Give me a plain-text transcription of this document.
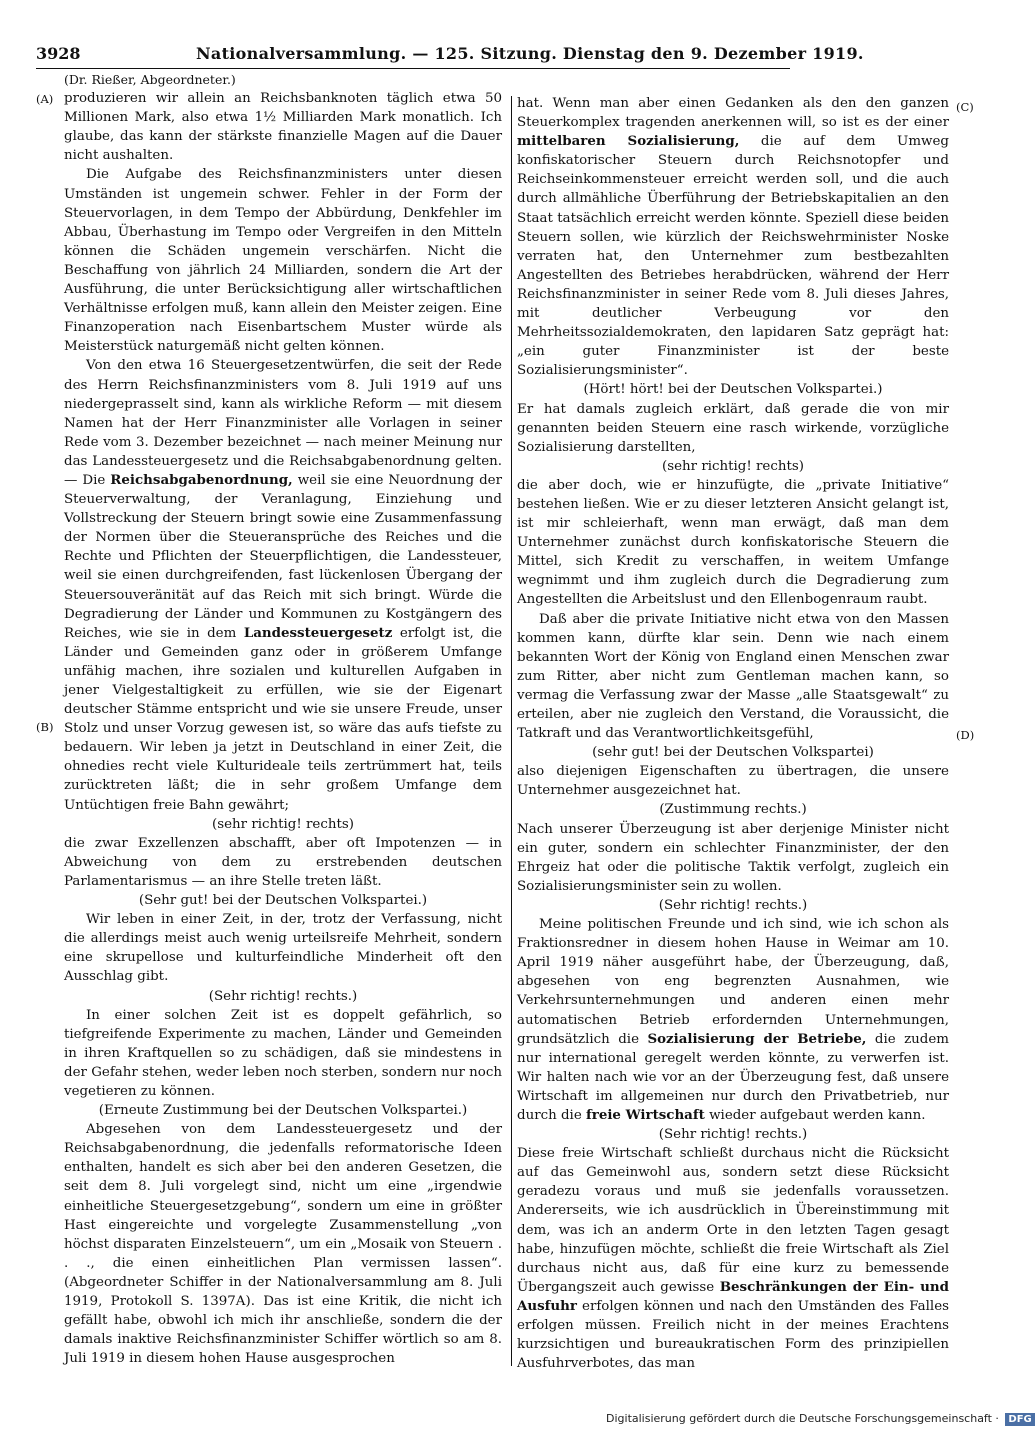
3928	Nationalversammlung. — 125. Sitzung. Dienstag den 9. Dezember 1919.
(A)
(B)
(C)
(D)

(Dr. Rießer, Abgeordneter.)

produzieren wir allein an Reichsbanknoten täglich etwa 50 Millionen Mark, also etwa 1½ Milliarden Mark monatlich. Ich glaube, das kann der stärkste finanzielle Magen auf die Dauer nicht aushalten.

Die Aufgabe des Reichsfinanzministers unter diesen Umständen ist ungemein schwer. Fehler in der Form der Steuervorlagen, in dem Tempo der Abbürdung, Denkfehler im Abbau, Überhastung im Tempo oder Vergreifen in den Mitteln können die Schäden ungemein verschärfen. Nicht die Beschaffung von jährlich 24 Milliarden, sondern die Art der Ausführung, die unter Berücksichtigung aller wirtschaftlichen Verhältnisse erfolgen muß, kann allein den Meister zeigen. Eine Finanzoperation nach Eisenbartschem Muster würde als Meisterstück naturgemäß nicht gelten können.

Von den etwa 16 Steuergesetzentwürfen, die seit der Rede des Herrn Reichsfinanzministers vom 8. Juli 1919 auf uns niedergeprasselt sind, kann als wirkliche Reform — mit diesem Namen hat der Herr Finanzminister alle Vorlagen in seiner Rede vom 3. Dezember bezeichnet — nach meiner Meinung nur das Landessteuergesetz und die Reichsabgabenordnung gelten. — Die Reichsabgabenordnung, weil sie eine Neuordnung der Steuerverwaltung, der Veranlagung, Einziehung und Vollstreckung der Steuern bringt sowie eine Zusammenfassung der Normen über die Steueransprüche des Reiches und die Rechte und Pflichten der Steuerpflichtigen, die Landessteuer, weil sie einen durchgreifenden, fast lückenlosen Übergang der Steuersouveränität auf das Reich mit sich bringt. Würde die Degradierung der Länder und Kommunen zu Kostgängern des Reiches, wie sie in dem Landessteuergesetz erfolgt ist, die Länder und Gemeinden ganz oder in größerem Umfange unfähig machen, ihre sozialen und kulturellen Aufgaben in jener Vielgestaltigkeit zu erfüllen, wie sie der Eigenart deutscher Stämme entspricht und wie sie unsere Freude, unser Stolz und unser Vorzug gewesen ist, so wäre das aufs tiefste zu bedauern. Wir leben ja jetzt in Deutschland in einer Zeit, die ohnedies recht viele Kulturideale teils zertrümmert hat, teils zurücktreten läßt; die in sehr großem Umfange dem Untüchtigen freie Bahn gewährt;

(sehr richtig! rechts)

die zwar Exzellenzen abschafft, aber oft Impotenzen — in Abweichung von dem zu erstrebenden deutschen Parlamentarismus — an ihre Stelle treten läßt.

(Sehr gut! bei der Deutschen Volkspartei.)

Wir leben in einer Zeit, in der, trotz der Verfassung, nicht die allerdings meist auch wenig urteilsreife Mehrheit, sondern eine skrupellose und kulturfeindliche Minderheit oft den Ausschlag gibt.

(Sehr richtig! rechts.)

In einer solchen Zeit ist es doppelt gefährlich, so tiefgreifende Experimente zu machen, Länder und Gemeinden in ihren Kraftquellen so zu schädigen, daß sie mindestens in der Gefahr stehen, weder leben noch sterben, sondern nur noch vegetieren zu können.

(Erneute Zustimmung bei der Deutschen Volkspartei.)

Abgesehen von dem Landessteuergesetz und der Reichsabgabenordnung, die jedenfalls reformatorische Ideen enthalten, handelt es sich aber bei den anderen Gesetzen, die seit dem 8. Juli vorgelegt sind, nicht um eine „irgendwie einheitliche Steuergesetzgebung“, sondern um eine in größter Hast eingereichte und vorgelegte Zusammenstellung „von höchst disparaten Einzelsteuern“, um ein „Mosaik von Steuern . . ., die einen einheitlichen Plan vermissen lassen“. (Abgeordneter Schiffer in der Nationalversammlung am 8. Juli 1919, Protokoll S. 1397A). Das ist eine Kritik, die nicht ich gefällt habe, obwohl ich mich ihr anschließe, sondern die der damals inaktive Reichsfinanzminister Schiffer wörtlich so am 8. Juli 1919 in diesem hohen Hause ausgesprochen

hat. Wenn man aber einen Gedanken als den den ganzen Steuerkomplex tragenden anerkennen will, so ist es der einer mittelbaren Sozialisierung, die auf dem Umweg konfiskatorischer Steuern durch Reichsnotopfer und Reichseinkommensteuer erreicht werden soll, und die auch durch allmähliche Überführung der Betriebskapitalien an den Staat tatsächlich erreicht werden könnte. Speziell diese beiden Steuern sollen, wie kürzlich der Reichswehrminister Noske verraten hat, den Unternehmer zum bestbezahlten Angestellten des Betriebes herabdrücken, während der Herr Reichsfinanzminister in seiner Rede vom 8. Juli dieses Jahres, mit deutlicher Verbeugung vor den Mehrheitssozialdemokraten, den lapidaren Satz geprägt hat: „ein guter Finanzminister ist der beste Sozialisierungsminister“.

(Hört! hört! bei der Deutschen Volkspartei.)

Er hat damals zugleich erklärt, daß gerade die von mir genannten beiden Steuern eine rasch wirkende, vorzügliche Sozialisierung darstellten,

(sehr richtig! rechts)

die aber doch, wie er hinzufügte, die „private Initiative“ bestehen ließen. Wie er zu dieser letzteren Ansicht gelangt ist, ist mir schleierhaft, wenn man erwägt, daß man dem Unternehmer zunächst durch konfiskatorische Steuern die Mittel, sich Kredit zu verschaffen, in weitem Umfange wegnimmt und ihm zugleich durch die Degradierung zum Angestellten die Arbeitslust und den Ellenbogenraum raubt.

Daß aber die private Initiative nicht etwa von den Massen kommen kann, dürfte klar sein. Denn wie nach einem bekannten Wort der König von England einen Menschen zwar zum Ritter, aber nicht zum Gentleman machen kann, so vermag die Verfassung zwar der Masse „alle Staatsgewalt“ zu erteilen, aber nie zugleich den Verstand, die Voraussicht, die Tatkraft und das Verantwortlichkeitsgefühl,

(sehr gut! bei der Deutschen Volkspartei)

also diejenigen Eigenschaften zu übertragen, die unsere Unternehmer ausgezeichnet hat.

(Zustimmung rechts.)

Nach unserer Überzeugung ist aber derjenige Minister nicht ein guter, sondern ein schlechter Finanzminister, der den Ehrgeiz hat oder die politische Taktik verfolgt, zugleich ein Sozialisierungsminister sein zu wollen.

(Sehr richtig! rechts.)

Meine politischen Freunde und ich sind, wie ich schon als Fraktionsredner in diesem hohen Hause in Weimar am 10. April 1919 näher ausgeführt habe, der Überzeugung, daß, abgesehen von eng begrenzten Ausnahmen, wie Verkehrsunternehmungen und anderen einen mehr automatischen Betrieb erfordernden Unternehmungen, grundsätzlich die Sozialisierung der Betriebe, die zudem nur international geregelt werden könnte, zu verwerfen ist. Wir halten nach wie vor an der Überzeugung fest, daß unsere Wirtschaft im allgemeinen nur durch den Privatbetrieb, nur durch die freie Wirtschaft wieder aufgebaut werden kann.

(Sehr richtig! rechts.)

Diese freie Wirtschaft schließt durchaus nicht die Rücksicht auf das Gemeinwohl aus, sondern setzt diese Rücksicht geradezu voraus und muß sie jedenfalls voraussetzen. Andererseits, wie ich ausdrücklich in Übereinstimmung mit dem, was ich an anderm Orte in den letzten Tagen gesagt habe, hinzufügen möchte, schließt die freie Wirtschaft als Ziel durchaus nicht aus, daß für eine kurz zu bemessende Übergangszeit auch gewisse Beschränkungen der Ein- und Ausfuhr erfolgen können und nach den Umständen des Falles erfolgen müssen. Freilich nicht in der meines Erachtens kurzsichtigen und bureaukratischen Form des prinzipiellen Ausfuhrverbotes, das man

Digitalisierung gefördert durch die Deutsche Forschungsgemeinschaft · DFG
